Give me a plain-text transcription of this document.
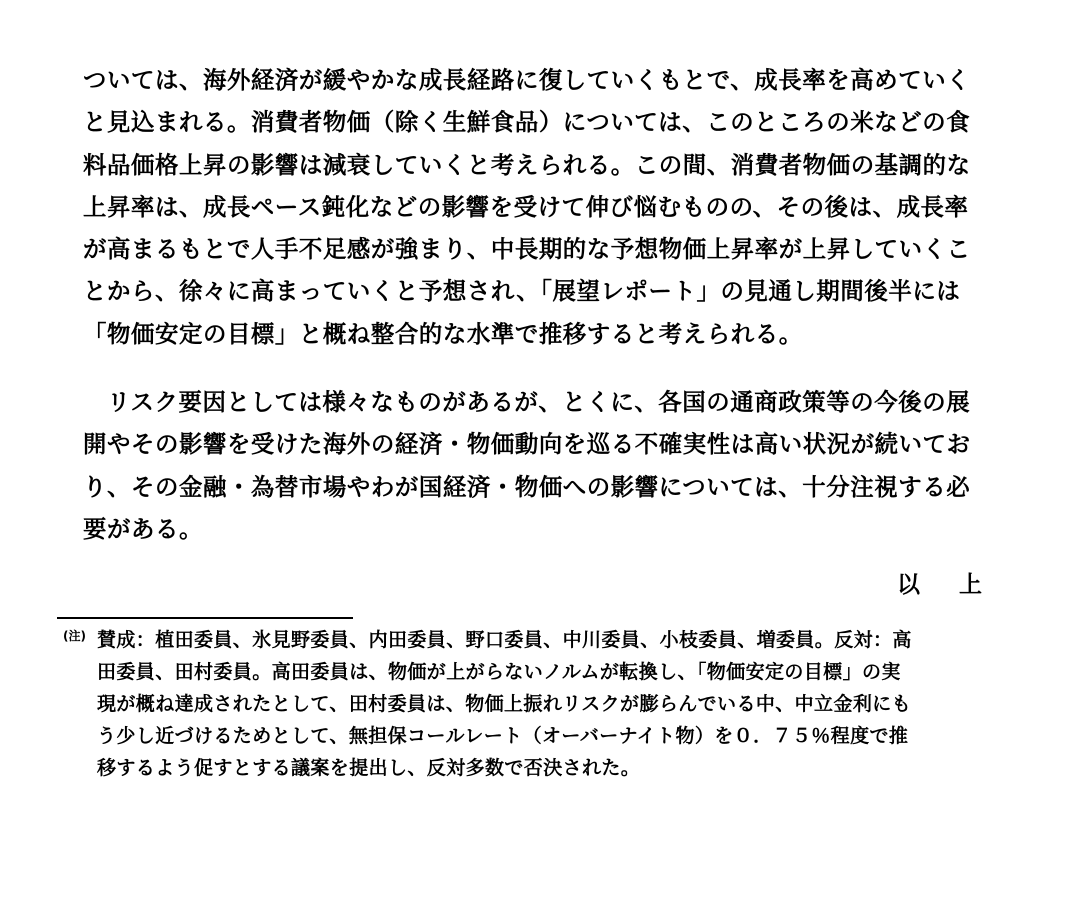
ついては、海外経済が緩やかな成長経路に復していくもとで、成長率を高めていく
と見込まれる。消費者物価（除く生鮮食品）については、このところの米などの食
料品価格上昇の影響は減衰していくと考えられる。この間、消費者物価の基調的な
上昇率は、成長ペース鈍化などの影響を受けて伸び悩むものの、その後は、成長率
が高まるもとで人手不足感が強まり、中長期的な予想物価上昇率が上昇していくこ
とから、徐々に高まっていくと予想され、「展望レポート」の見通し期間後半には
「物価安定の目標」と概ね整合的な水準で推移すると考えられる。
　リスク要因としては様々なものがあるが、とくに、各国の通商政策等の今後の展
開やその影響を受けた海外の経済・物価動向を巡る不確実性は高い状況が続いてお
り、その金融・為替市場やわが国経済・物価への影響については、十分注視する必
要がある。
以　上
(注) 賛成：植田委員、氷見野委員、内田委員、野口委員、中川委員、小枝委員、増委員。反対：高
田委員、田村委員。高田委員は、物価が上がらないノルムが転換し、「物価安定の目標」の実
現が概ね達成されたとして、田村委員は、物価上振れリスクが膨らんでいる中、中立金利にも
う少し近づけるためとして、無担保コールレート（オーバーナイト物）を０．７５％程度で推
移するよう促すとする議案を提出し、反対多数で否決された。
